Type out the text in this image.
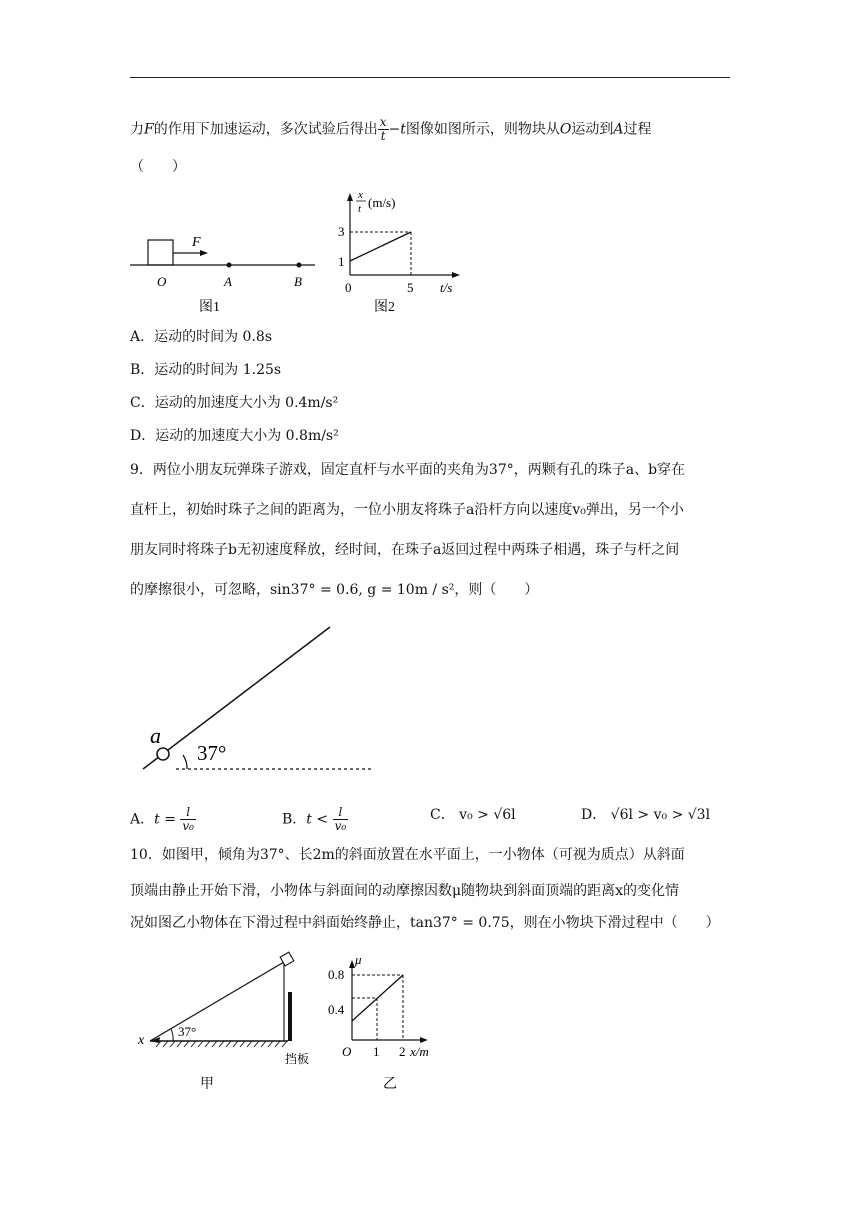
力F的作用下加速运动，多次试验后得出 $\frac{x}{t} -t$图像如图所示，则物块从O运动到A过程
（　　）
F
O	A	B
图1
x
t (m/s)
3
1
0	5 t/s
图2
A．运动的时间为 0.8s
B．运动的时间为 1.25s
C．运动的加速度大小为 0.4m/s²
D．运动的加速度大小为 0.8m/s²
9．两位小朋友玩弹珠子游戏，固定直杆与水平面的夹角为37°，两颗有孔的珠子a、b穿在
直杆上，初始时珠子之间的距离为，一位小朋友将珠子a沿杆方向以速度v₀弹出，另一个小
朋友同时将珠子b无初速度释放，经时间，在珠子a返回过程中两珠子相遇，珠子与杆之间
的摩擦很小，可忽略，sin37° = 0.6, g = 10m / s²，则（　　）
a
37°
A．$t = \frac{l}{\text{v₀}}$	B．$t < \frac{l}{\text{v₀}}$	C． v₀ > √6l	D． √6l > v₀ > √3l
10．如图甲，倾角为37°、长2m的斜面放置在水平面上，一小物体（可视为质点）从斜面
顶端由静止开始下滑，小物体与斜面间的动摩擦因数μ随物块到斜面顶端的距离x的变化情
况如图乙小物体在下滑过程中斜面始终静止，tan37° = 0.75，则在小物块下滑过程中（　　）
x
37°
挡板
甲
μ
0.8
0.4
O 1 2 x/m
乙
